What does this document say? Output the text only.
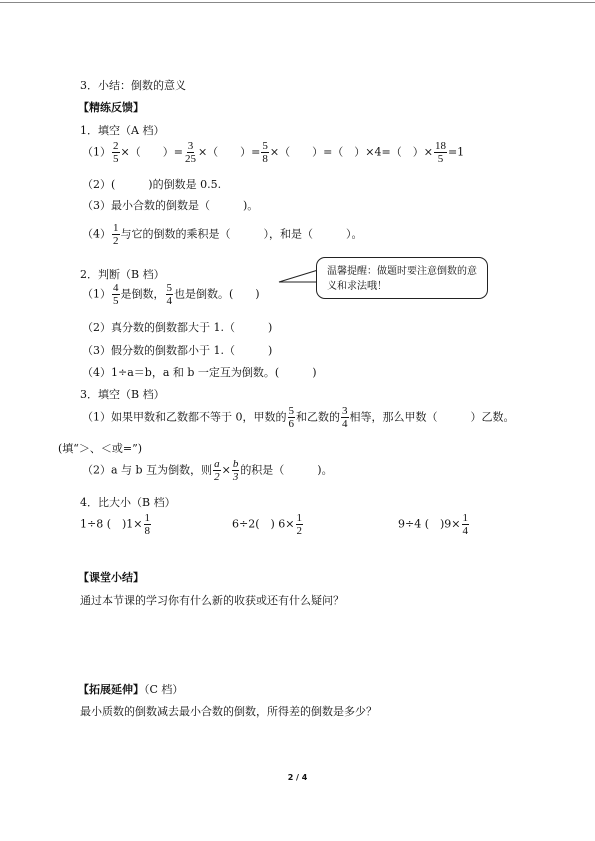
3．小结：倒数的意义
【精练反馈】
1．填空（A 档）
$(1) \frac{2}{5}$ ×（　　）= $\frac{3}{25}$ ×（　　）= $\frac{5}{8}$ ×（　　）=（　）×4=（　）× $\frac{18}{5} =1$
（2）(　　　)的倒数是 0.5.
（3）最小合数的倒数是（　　　)。
$(4) \frac{1}{2}$ 与它的倒数的乘积是（　　　），和是（　　　）。
温馨提醒：做题时要注意倒数的意义和求法哦！
2．判断（B 档）
$(1) \frac{4}{5}$ 是倒数， $\frac{5}{4}$ 也是倒数。(　　)
（2）真分数的倒数都大于 1.（　　　)
（3）假分数的倒数都小于 1.（　　　)
（4）1÷a＝b，a 和 b 一定互为倒数。(　　　)
3．填空（B 档）
（1）如果甲数和乙数都不等于 0，甲数的 $\frac{5}{6}$ 和乙数的 $\frac{3}{4}$ 相等，那么甲数（　　　）乙数。
(填“＞、＜或=”)
（2）a 与 b 互为倒数，则 $\frac{a}{2} \times \frac{b}{3}$ 的积是（　　　)。
4．比大小（B 档）
1÷8 (　)$1\times \frac{1}{8}$	6÷2(　) $6\times \frac{1}{2}$	9÷4 (　)$9\times \frac{1}{4}$
【课堂小结】
通过本节课的学习你有什么新的收获或还有什么疑问？
【拓展延伸】（C 档）
最小质数的倒数减去最小合数的倒数，所得差的倒数是多少？
2 / 4
